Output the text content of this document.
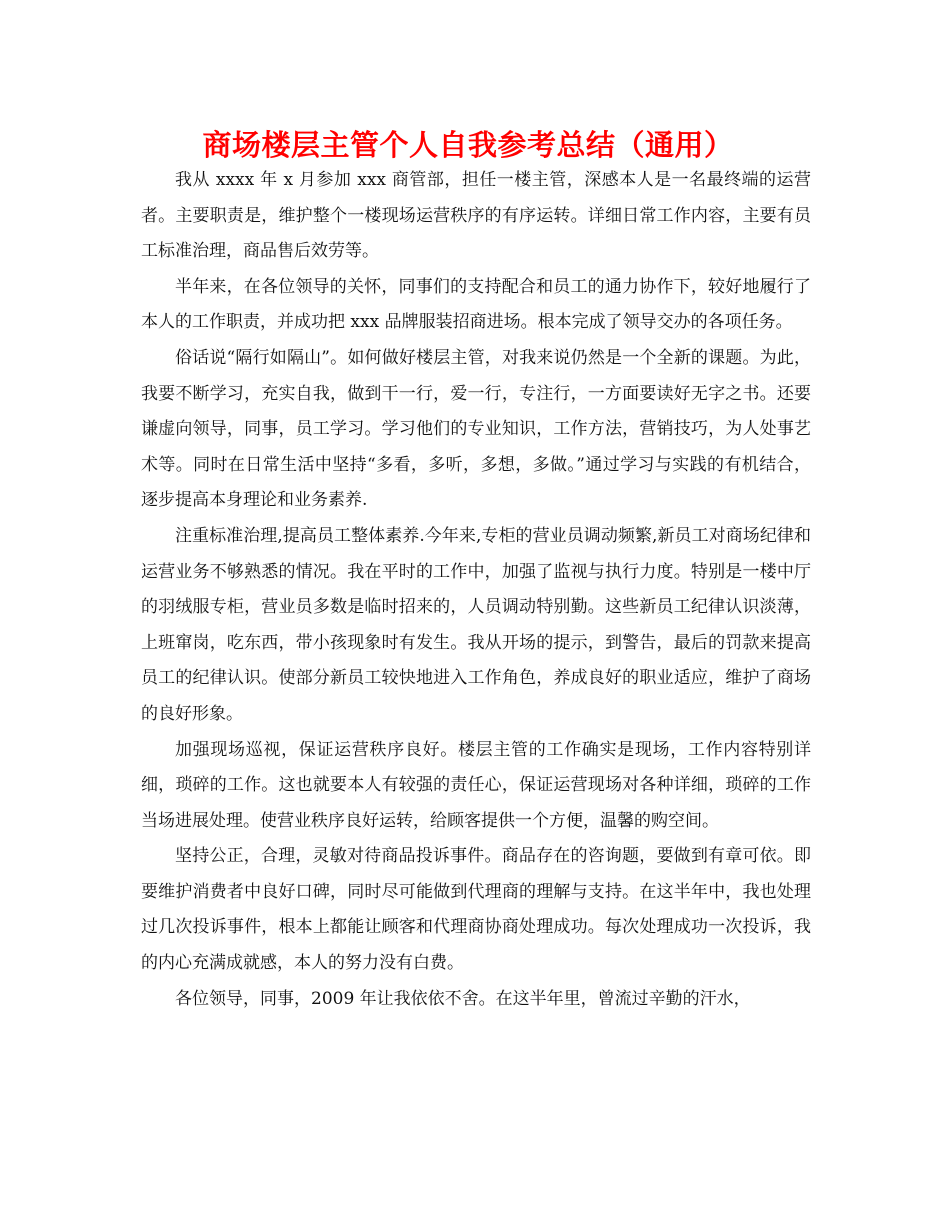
商场楼层主管个人自我参考总结（通用）

我从 xxxx 年 x 月参加 xxx 商管部，担任一楼主管，深感本人是一名最终端的运营者。主要职责是，维护整个一楼现场运营秩序的有序运转。详细日常工作内容，主要有员工标准治理，商品售后效劳等。

半年来，在各位领导的关怀，同事们的支持配合和员工的通力协作下，较好地履行了本人的工作职责，并成功把 xxx 品牌服装招商进场。根本完成了领导交办的各项任务。

俗话说“隔行如隔山”。如何做好楼层主管，对我来说仍然是一个全新的课题。为此，我要不断学习，充实自我，做到干一行，爱一行，专注行，一方面要读好无字之书。还要谦虚向领导，同事，员工学习。学习他们的专业知识，工作方法，营销技巧，为人处事艺术等。同时在日常生活中坚持“多看，多听，多想，多做。”通过学习与实践的有机结合，逐步提高本身理论和业务素养.

注重标准治理,提高员工整体素养.今年来,专柜的营业员调动频繁,新员工对商场纪律和运营业务不够熟悉的情况。我在平时的工作中，加强了监视与执行力度。特别是一楼中厅的羽绒服专柜，营业员多数是临时招来的，人员调动特别勤。这些新员工纪律认识淡薄，上班窜岗，吃东西，带小孩现象时有发生。我从开场的提示，到警告，最后的罚款来提高员工的纪律认识。使部分新员工较快地进入工作角色，养成良好的职业适应，维护了商场的良好形象。

加强现场巡视，保证运营秩序良好。楼层主管的工作确实是现场，工作内容特别详细，琐碎的工作。这也就要本人有较强的责任心，保证运营现场对各种详细，琐碎的工作当场进展处理。使营业秩序良好运转，给顾客提供一个方便，温馨的购空间。

坚持公正，合理，灵敏对待商品投诉事件。商品存在的咨询题，要做到有章可依。即要维护消费者中良好口碑，同时尽可能做到代理商的理解与支持。在这半年中，我也处理过几次投诉事件，根本上都能让顾客和代理商协商处理成功。每次处理成功一次投诉，我的内心充满成就感，本人的努力没有白费。

各位领导，同事，2009 年让我依依不舍。在这半年里，曾流过辛勤的汗水，
